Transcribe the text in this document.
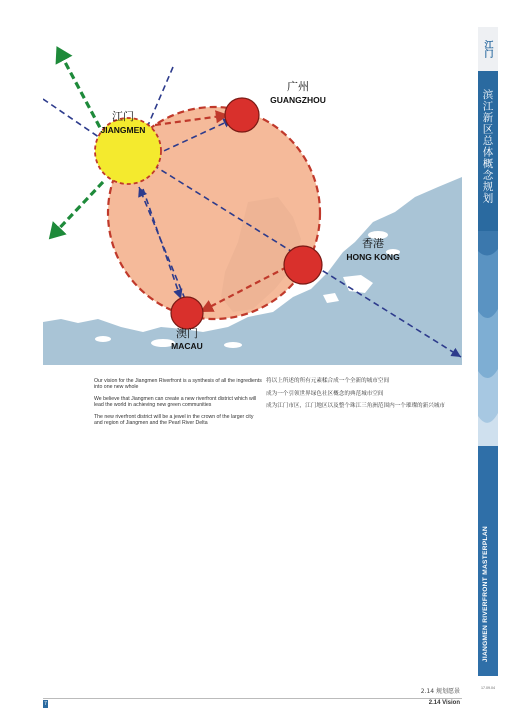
江门
JIANGMEN
广州
GUANGZHOU
香港
HONG KONG
澳门
MACAU

Our vision for the Jiangmen Riverfront is a synthesis of all the ingredients into one new whole

We believe that Jiangmen can create a new riverfront district which will lead the world in achieving new green communities

The new riverfront district will be a jewel in the crown of the larger city and region of Jiangmen and the Pearl River Delta

将以上所述的所有元素糅合成一个全新的城市空间

成为一个引领世界绿色社区概念的典范城市空间

成为江门市区，江门地区以及整个珠江三角洲范围内一个璀璨的新兴城市

江门
滨江新区总体概念规划
JIANGMEN RIVERFRONT MASTERPLAN
17.09.04
2.14 规划愿景
7	2.14 Vision
